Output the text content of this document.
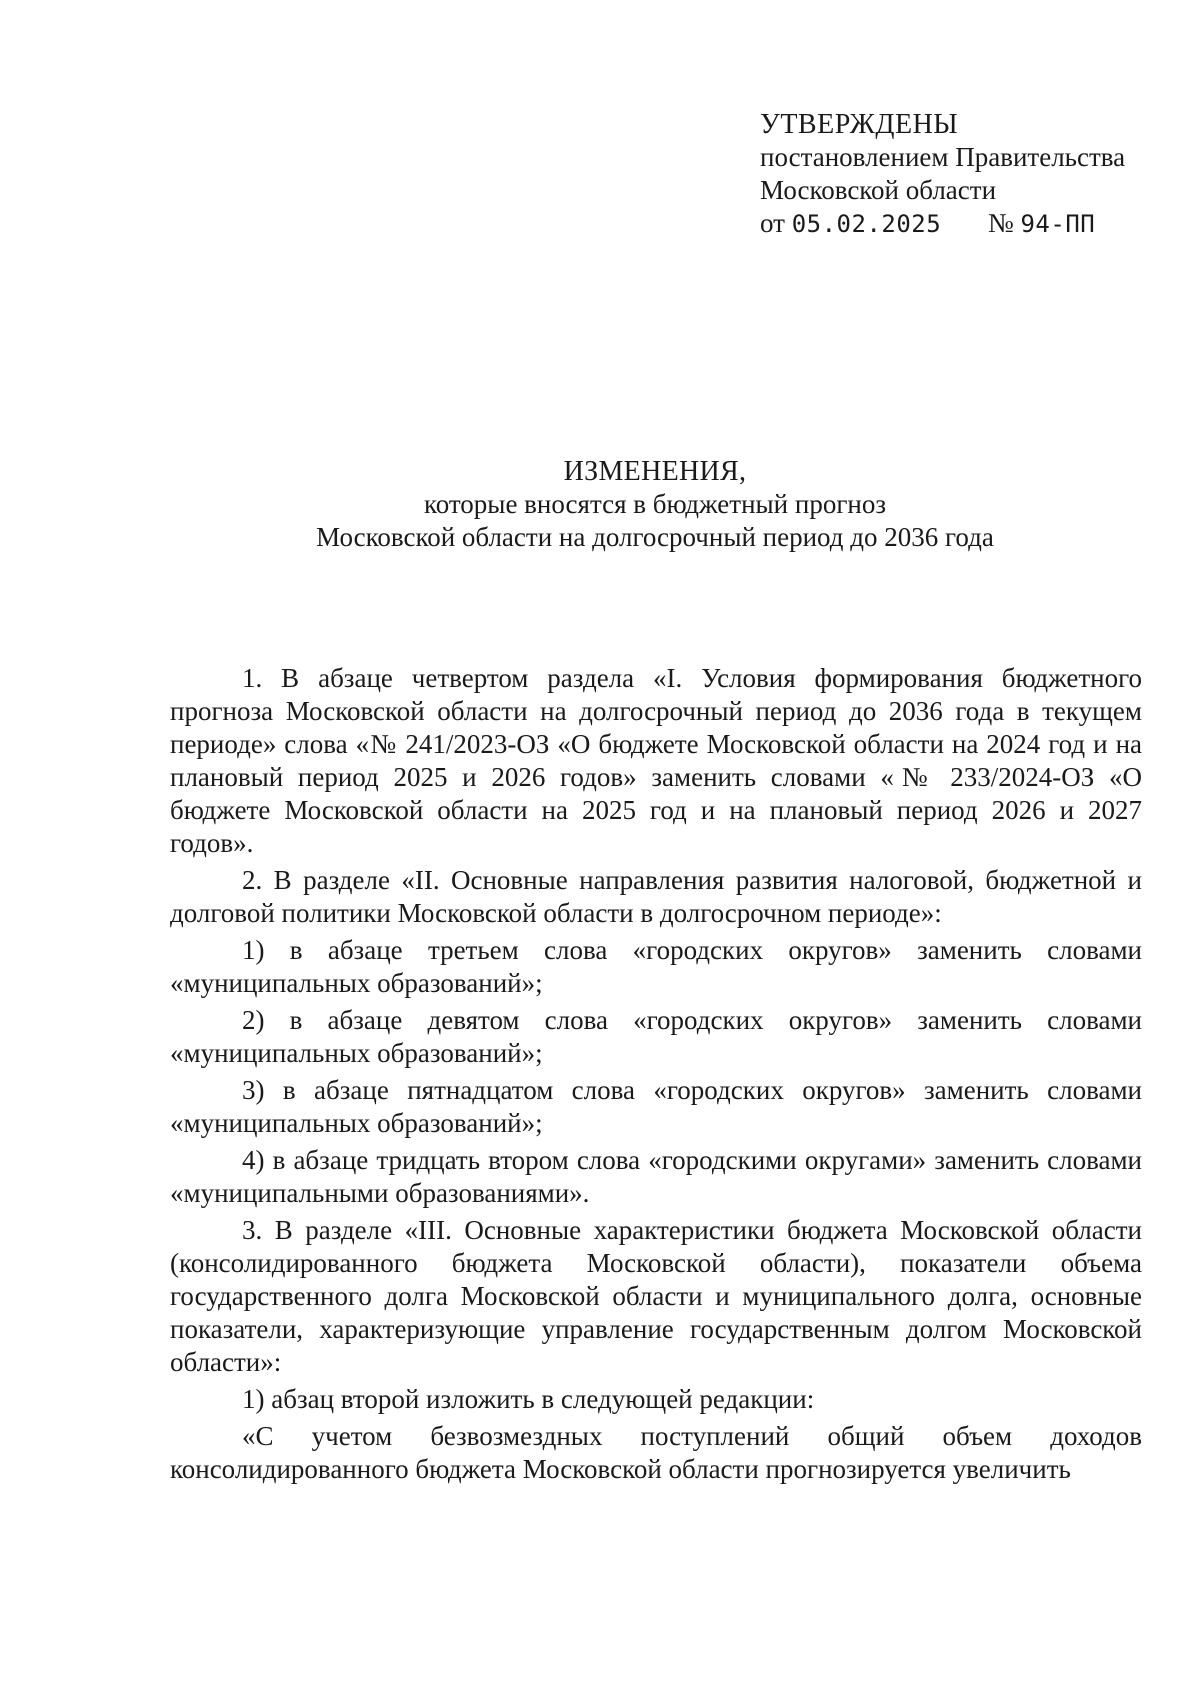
УТВЕРЖДЕНЫ
постановлением Правительства
Московской области
от 05.02.2025 № 94-ПП
ИЗМЕНЕНИЯ,
которые вносятся в бюджетный прогноз
Московской области на долгосрочный период до 2036 года

1. В абзаце четвертом раздела «I. Условия формирования бюджетного прогноза Московской области на долгосрочный период до 2036 года в текущем периоде» слова «№ 241/2023-ОЗ «О бюджете Московской области на 2024 год и на плановый период 2025 и 2026 годов» заменить словами «№ 233/2024-ОЗ «О бюджете Московской области на 2025 год и на плановый период 2026 и 2027 годов».

2. В разделе «II. Основные направления развития налоговой, бюджетной и долговой политики Московской области в долгосрочном периоде»:

1) в абзаце третьем слова «городских округов» заменить словами «муниципальных образований»;

2) в абзаце девятом слова «городских округов» заменить словами «муниципальных образований»;

3) в абзаце пятнадцатом слова «городских округов» заменить словами «муниципальных образований»;

4) в абзаце тридцать втором слова «городскими округами» заменить словами «муниципальными образованиями».

3. В разделе «III. Основные характеристики бюджета Московской области (консолидированного бюджета Московской области), показатели объема государственного долга Московской области и муниципального долга, основные показатели, характеризующие управление государственным долгом Московской области»:

1) абзац второй изложить в следующей редакции:

«С учетом безвозмездных поступлений общий объем доходов консолидированного бюджета Московской области прогнозируется увеличить
